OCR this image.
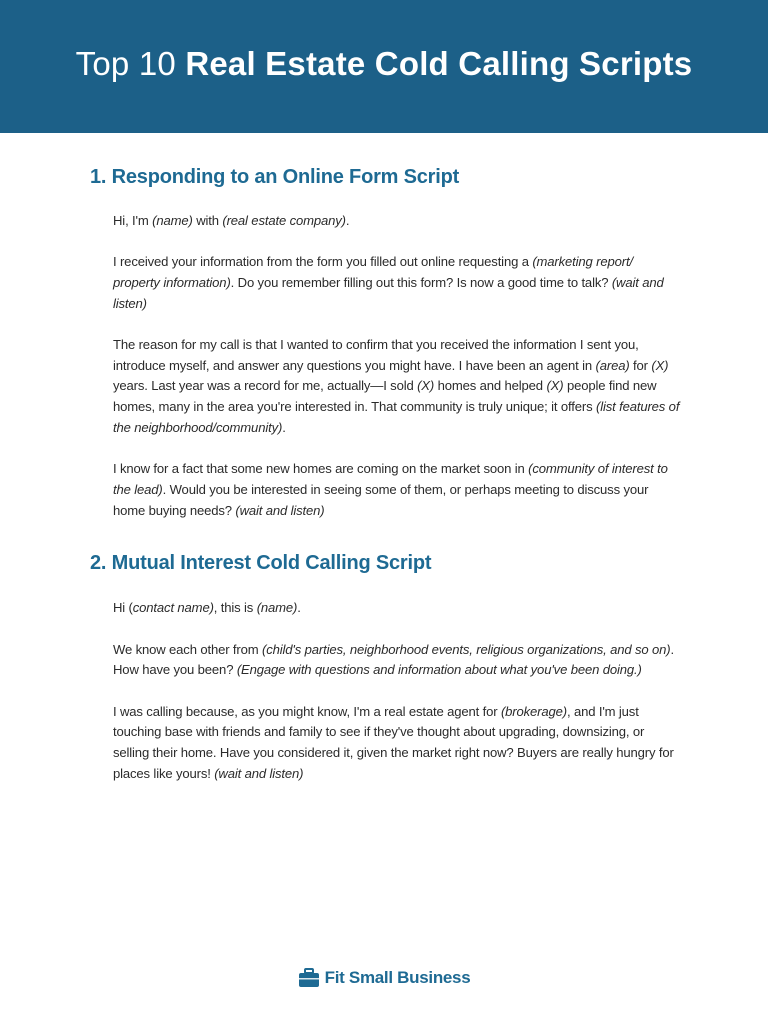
Top 10 Real Estate Cold Calling Scripts
1. Responding to an Online Form Script

Hi, I'm (name) with (real estate company).

I received your information from the form you filled out online requesting a (marketing report/ property information). Do you remember filling out this form? Is now a good time to talk? (wait and listen)

The reason for my call is that I wanted to confirm that you received the information I sent you, introduce myself, and answer any questions you might have. I have been an agent in (area) for (X) years. Last year was a record for me, actually—I sold (X) homes and helped (X) people find new homes, many in the area you're interested in. That community is truly unique; it offers (list features of the neighborhood/community).

I know for a fact that some new homes are coming on the market soon in (community of interest to the lead). Would you be interested in seeing some of them, or perhaps meeting to discuss your home buying needs? (wait and listen)

2. Mutual Interest Cold Calling Script

Hi (contact name), this is (name).

We know each other from (child's parties, neighborhood events, religious organizations, and so on). How have you been? (Engage with questions and information about what you've been doing.)

I was calling because, as you might know, I'm a real estate agent for (brokerage), and I'm just touching base with friends and family to see if they've thought about upgrading, downsizing, or selling their home. Have you considered it, given the market right now? Buyers are really hungry for places like yours! (wait and listen)

Fit Small Business
